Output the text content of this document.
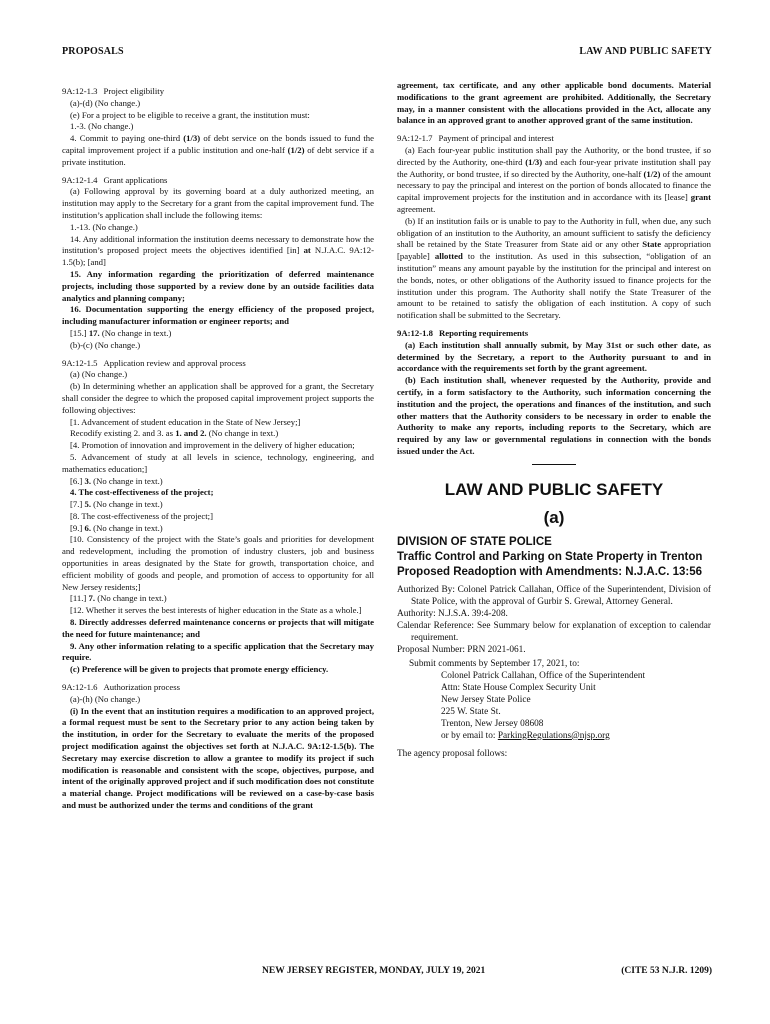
PROPOSALS	LAW AND PUBLIC SAFETY

9A:12-1.3 Project eligibility

(a)-(d) (No change.)

(e) For a project to be eligible to receive a grant, the institution must:

1.-3. (No change.)

4. Commit to paying one-third (1/3) of debt service on the bonds issued to fund the capital improvement project if a public institution and one-half (1/2) of debt service if a private institution.

9A:12-1.4 Grant applications

(a) Following approval by its governing board at a duly authorized meeting, an institution may apply to the Secretary for a grant from the capital improvement fund. The institution’s application shall include the following items:

1.-13. (No change.)

14. Any additional information the institution deems necessary to demonstrate how the institution’s proposed project meets the objectives identified [in] at N.J.A.C. 9A:12-1.5(b); [and]

15. Any information regarding the prioritization of deferred maintenance projects, including those supported by a review done by an outside facilities data analytics and planning company;

16. Documentation supporting the energy efficiency of the proposed project, including manufacturer information or engineer reports; and

[15.] 17. (No change in text.)

(b)-(c) (No change.)

9A:12-1.5 Application review and approval process

(a) (No change.)

(b) In determining whether an application shall be approved for a grant, the Secretary shall consider the degree to which the proposed capital improvement project supports the following objectives:

[1. Advancement of student education in the State of New Jersey;]

Recodify existing 2. and 3. as 1. and 2. (No change in text.)

[4. Promotion of innovation and improvement in the delivery of higher education;

5. Advancement of study at all levels in science, technology, engineering, and mathematics education;]

[6.] 3. (No change in text.)

4. The cost-effectiveness of the project;

[7.] 5. (No change in text.)

[8. The cost-effectiveness of the project;]

[9.] 6. (No change in text.)

[10. Consistency of the project with the State’s goals and priorities for development and redevelopment, including the promotion of industry clusters, job and business opportunities in areas designated by the State for growth, transportation choice, and efficient mobility of goods and people, and promotion of access to opportunity for all New Jersey residents;]

[11.] 7. (No change in text.)

[12. Whether it serves the best interests of higher education in the State as a whole.]

8. Directly addresses deferred maintenance concerns or projects that will mitigate the need for future maintenance; and

9. Any other information relating to a specific application that the Secretary may require.

(c) Preference will be given to projects that promote energy efficiency.

9A:12-1.6 Authorization process

(a)-(h) (No change.)

(i) In the event that an institution requires a modification to an approved project, a formal request must be sent to the Secretary prior to any action being taken by the institution, in order for the Secretary to evaluate the merits of the proposed project modification against the objectives set forth at N.J.A.C. 9A:12-1.5(b). The Secretary may exercise discretion to allow a grantee to modify its project if such modification is reasonable and consistent with the scope, objectives, purpose, and intent of the originally approved project and if such modification does not constitute a material change. Project modifications will be reviewed on a case-by-case basis and must be authorized under the terms and conditions of the grant

agreement, tax certificate, and any other applicable bond documents. Material modifications to the grant agreement are prohibited. Additionally, the Secretary may, in a manner consistent with the allocations provided in the Act, allocate any balance in an approved grant to another approved grant of the same institution.

9A:12-1.7 Payment of principal and interest

(a) Each four-year public institution shall pay the Authority, or the bond trustee, if so directed by the Authority, one-third (1/3) and each four-year private institution shall pay the Authority, or bond trustee, if so directed by the Authority, one-half (1/2) of the amount necessary to pay the principal and interest on the portion of bonds allocated to finance the capital improvement projects for the institution and in accordance with its [lease] grant agreement.

(b) If an institution fails or is unable to pay to the Authority in full, when due, any such obligation of an institution to the Authority, an amount sufficient to satisfy the deficiency shall be retained by the State Treasurer from State aid or any other State appropriation [payable] allotted to the institution. As used in this subsection, “obligation of an institution” means any amount payable by the institution for the principal and interest on the bonds, notes, or other obligations of the Authority issued to finance projects for the institution under this program. The Authority shall notify the State Treasurer of the amount to be retained to satisfy the obligation of each institution. A copy of such notification shall be submitted to the Secretary.

9A:12-1.8 Reporting requirements

(a) Each institution shall annually submit, by May 31st or such other date, as determined by the Secretary, a report to the Authority pursuant to and in accordance with the requirements set forth by the grant agreement.

(b) Each institution shall, whenever requested by the Authority, provide and certify, in a form satisfactory to the Authority, such information concerning the institution and the project, the operations and finances of the institution, and such other matters that the Authority considers to be necessary in order to enable the Authority to make any reports, including reports to the Secretary, which are required by any law or governmental regulations in connection with the bonds issued under the Act.

LAW AND PUBLIC SAFETY
(a)

DIVISION OF STATE POLICE

Traffic Control and Parking on State Property in Trenton

Proposed Readoption with Amendments: N.J.A.C. 13:56

Authorized By: Colonel Patrick Callahan, Office of the Superintendent, Division of State Police, with the approval of Gurbir S. Grewal, Attorney General.

Authority: N.J.S.A. 39:4-208.

Calendar Reference: See Summary below for explanation of exception to calendar requirement.

Proposal Number: PRN 2021-061.

Submit comments by September 17, 2021, to:

Colonel Patrick Callahan, Office of the Superintendent
Attn: State House Complex Security Unit
New Jersey State Police
225 W. State St.
Trenton, New Jersey 08608
or by email to: ParkingRegulations@njsp.org

The agency proposal follows:

NEW JERSEY REGISTER, MONDAY, JULY 19, 2021	(CITE 53 N.J.R. 1209)
